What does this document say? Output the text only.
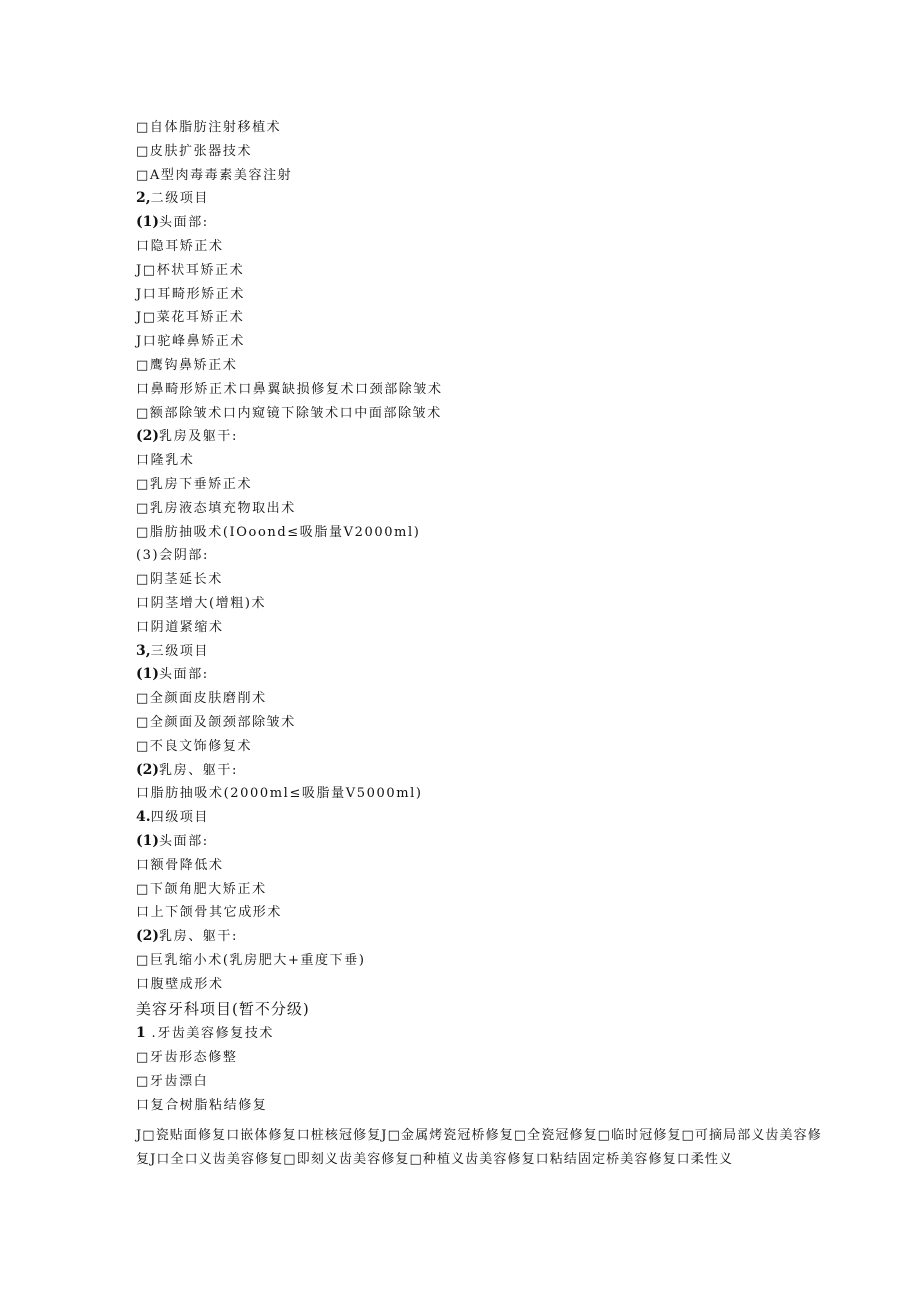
□自体脂肪注射移植术
□皮肤扩张器技术
□A型肉毒毒素美容注射
2,二级项目
(1)头面部:
口隐耳矫正术
J□杯状耳矫正术
J口耳畸形矫正术
J□菜花耳矫正术
J口驼峰鼻矫正术
□鹰钩鼻矫正术
口鼻畸形矫正术口鼻翼缺损修复术口颈部除皱术
□额部除皱术口内窥镜下除皱术口中面部除皱术
(2)乳房及躯干:
口隆乳术
□乳房下垂矫正术
□乳房液态填充物取出术
□脂肪抽吸术(IOoond≤吸脂量V2000ml)
(3)会阴部:
□阴茎延长术
口阴茎增大(增粗)术
口阴道紧缩术
3,三级项目
(1)头面部:
□全颜面皮肤磨削术
□全颜面及颌颈部除皱术
□不良文饰修复术
(2)乳房、躯干:
口脂肪抽吸术(2000ml≤吸脂量V5000ml)
4.四级项目
(1)头面部:
口额骨降低术
□下颌角肥大矫正术
口上下颌骨其它成形术
(2)乳房、躯干:
□巨乳缩小术(乳房肥大+重度下垂)
口腹壁成形术
美容牙科项目(暂不分级)
1 .牙齿美容修复技术
□牙齿形态修整
□牙齿漂白
口复合树脂粘结修复
J□瓷贴面修复口嵌体修复口桩核冠修复J□金属烤瓷冠桥修复□全瓷冠修复□临时冠修复□可摘局部义齿美容修复J口全口义齿美容修复□即刻义齿美容修复□种植义齿美容修复口粘结固定桥美容修复口柔性义
